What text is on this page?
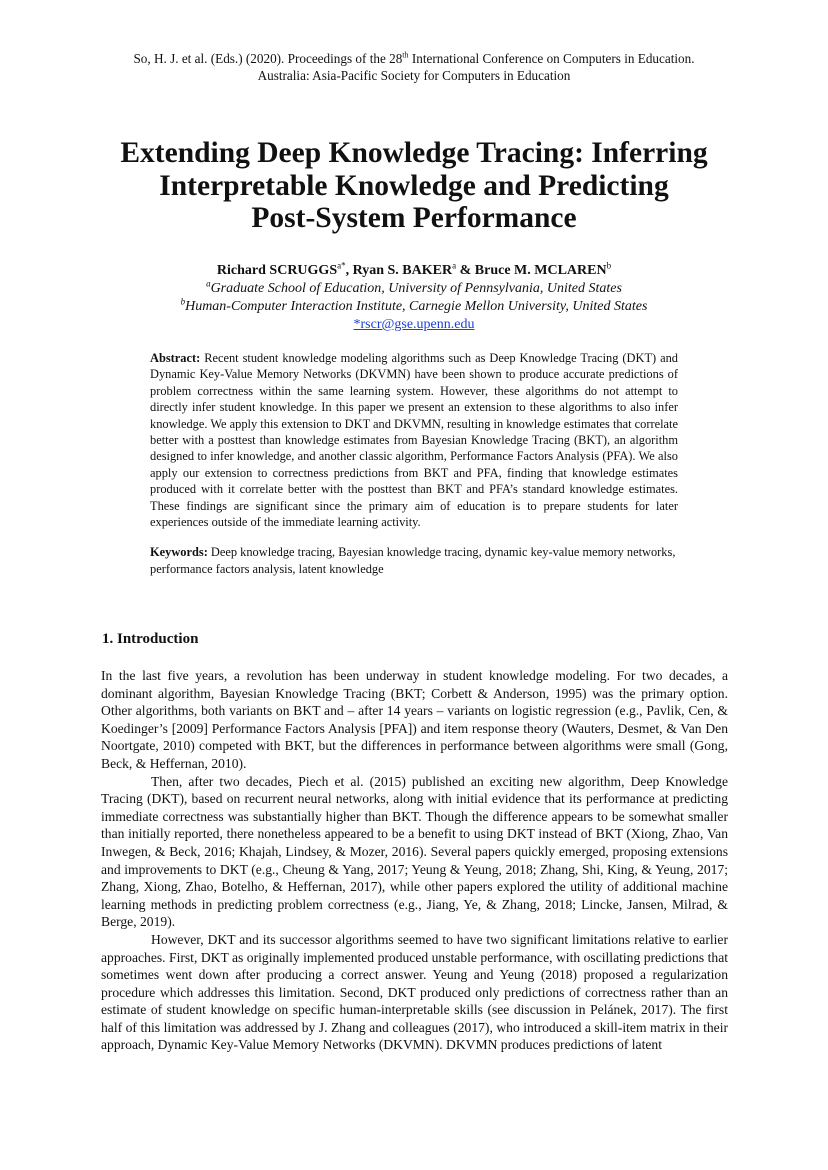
So, H. J. et al. (Eds.) (2020). Proceedings of the 28th International Conference on Computers in Education.
Australia: Asia-Pacific Society for Computers in Education
Extending Deep Knowledge Tracing: Inferring
Interpretable Knowledge and Predicting
Post-System Performance
Richard $SCRUGGS^{a*}$, Ryan S. BAKER$^a$ & Bruce M. MCLAREN$^b$
$^a$Graduate School of Education, University of Pennsylvania, United States
$^b$Human-Computer Interaction Institute, Carnegie Mellon University, United States
*rscr@gse.upenn.edu

Abstract: Recent student knowledge modeling algorithms such as Deep Knowledge Tracing (DKT) and Dynamic Key-Value Memory Networks (DKVMN) have been shown to produce accurate predictions of problem correctness within the same learning system. However, these algorithms do not attempt to directly infer student knowledge. In this paper we present an extension to these algorithms to also infer knowledge. We apply this extension to DKT and DKVMN, resulting in knowledge estimates that correlate better with a posttest than knowledge estimates from Bayesian Knowledge Tracing (BKT), an algorithm designed to infer knowledge, and another classic algorithm, Performance Factors Analysis (PFA). We also apply our extension to correctness predictions from BKT and PFA, finding that knowledge estimates produced with it correlate better with the posttest than BKT and PFA’s standard knowledge estimates. These findings are significant since the primary aim of education is to prepare students for later experiences outside of the immediate learning activity.

Keywords: Deep knowledge tracing, Bayesian knowledge tracing, dynamic key-value memory networks, performance factors analysis, latent knowledge

1. Introduction

In the last five years, a revolution has been underway in student knowledge modeling. For two decades, a dominant algorithm, Bayesian Knowledge Tracing (BKT; Corbett & Anderson, 1995) was the primary option. Other algorithms, both variants on BKT and – after 14 years – variants on logistic regression (e.g., Pavlik, Cen, & Koedinger’s [2009] Performance Factors Analysis [PFA]) and item response theory (Wauters, Desmet, & Van Den Noortgate, 2010) competed with BKT, but the differences in performance between algorithms were small (Gong, Beck, & Heffernan, 2010).

Then, after two decades, Piech et al. (2015) published an exciting new algorithm, Deep Knowledge Tracing (DKT), based on recurrent neural networks, along with initial evidence that its performance at predicting immediate correctness was substantially higher than BKT. Though the difference appears to be somewhat smaller than initially reported, there nonetheless appeared to be a benefit to using DKT instead of BKT (Xiong, Zhao, Van Inwegen, & Beck, 2016; Khajah, Lindsey, & Mozer, 2016). Several papers quickly emerged, proposing extensions and improvements to DKT (e.g., Cheung & Yang, 2017; Yeung & Yeung, 2018; Zhang, Shi, King, & Yeung, 2017; Zhang, Xiong, Zhao, Botelho, & Heffernan, 2017), while other papers explored the utility of additional machine learning methods in predicting problem correctness (e.g., Jiang, Ye, & Zhang, 2018; Lincke, Jansen, Milrad, & Berge, 2019).

However, DKT and its successor algorithms seemed to have two significant limitations relative to earlier approaches. First, DKT as originally implemented produced unstable performance, with oscillating predictions that sometimes went down after producing a correct answer. Yeung and Yeung (2018) proposed a regularization procedure which addresses this limitation. Second, DKT produced only predictions of correctness rather than an estimate of student knowledge on specific human-interpretable skills (see discussion in Pelánek, 2017). The first half of this limitation was addressed by J. Zhang and colleagues (2017), who introduced a skill-item matrix in their approach, Dynamic Key-Value Memory Networks (DKVMN). DKVMN produces predictions of latent
